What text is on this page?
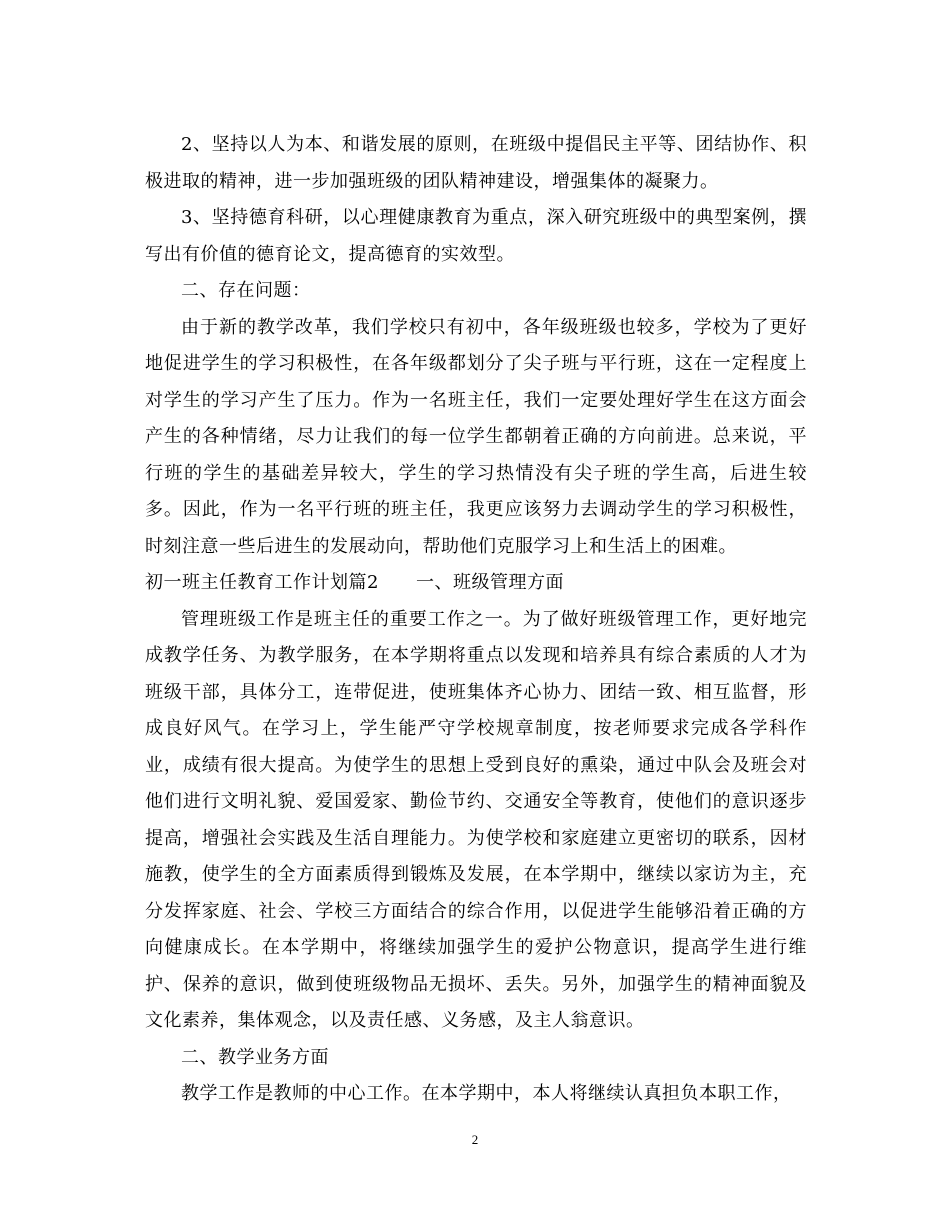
2、坚持以人为本、和谐发展的原则，在班级中提倡民主平等、团结协作、积极进取的精神，进一步加强班级的团队精神建设，增强集体的凝聚力。

3、坚持德育科研，以心理健康教育为重点，深入研究班级中的典型案例，撰写出有价值的德育论文，提高德育的实效型。

二、存在问题：

由于新的教学改革，我们学校只有初中，各年级班级也较多，学校为了更好地促进学生的学习积极性，在各年级都划分了尖子班与平行班，这在一定程度上对学生的学习产生了压力。作为一名班主任，我们一定要处理好学生在这方面会产生的各种情绪，尽力让我们的每一位学生都朝着正确的方向前进。总来说，平行班的学生的基础差异较大，学生的学习热情没有尖子班的学生高，后进生较多。因此，作为一名平行班的班主任，我更应该努力去调动学生的学习积极性，时刻注意一些后进生的发展动向，帮助他们克服学习上和生活上的困难。

初一班主任教育工作计划篇2　　一、班级管理方面

管理班级工作是班主任的重要工作之一。为了做好班级管理工作，更好地完成教学任务、为教学服务，在本学期将重点以发现和培养具有综合素质的人才为班级干部，具体分工，连带促进，使班集体齐心协力、团结一致、相互监督，形成良好风气。在学习上，学生能严守学校规章制度，按老师要求完成各学科作业，成绩有很大提高。为使学生的思想上受到良好的熏染，通过中队会及班会对他们进行文明礼貌、爱国爱家、勤俭节约、交通安全等教育，使他们的意识逐步提高，增强社会实践及生活自理能力。为使学校和家庭建立更密切的联系，因材施教，使学生的全方面素质得到锻炼及发展，在本学期中，继续以家访为主，充分发挥家庭、社会、学校三方面结合的综合作用，以促进学生能够沿着正确的方向健康成长。在本学期中，将继续加强学生的爱护公物意识，提高学生进行维护、保养的意识，做到使班级物品无损坏、丢失。另外，加强学生的精神面貌及文化素养，集体观念，以及责任感、义务感，及主人翁意识。

二、教学业务方面

教学工作是教师的中心工作。在本学期中，本人将继续认真担负本职工作，

2
